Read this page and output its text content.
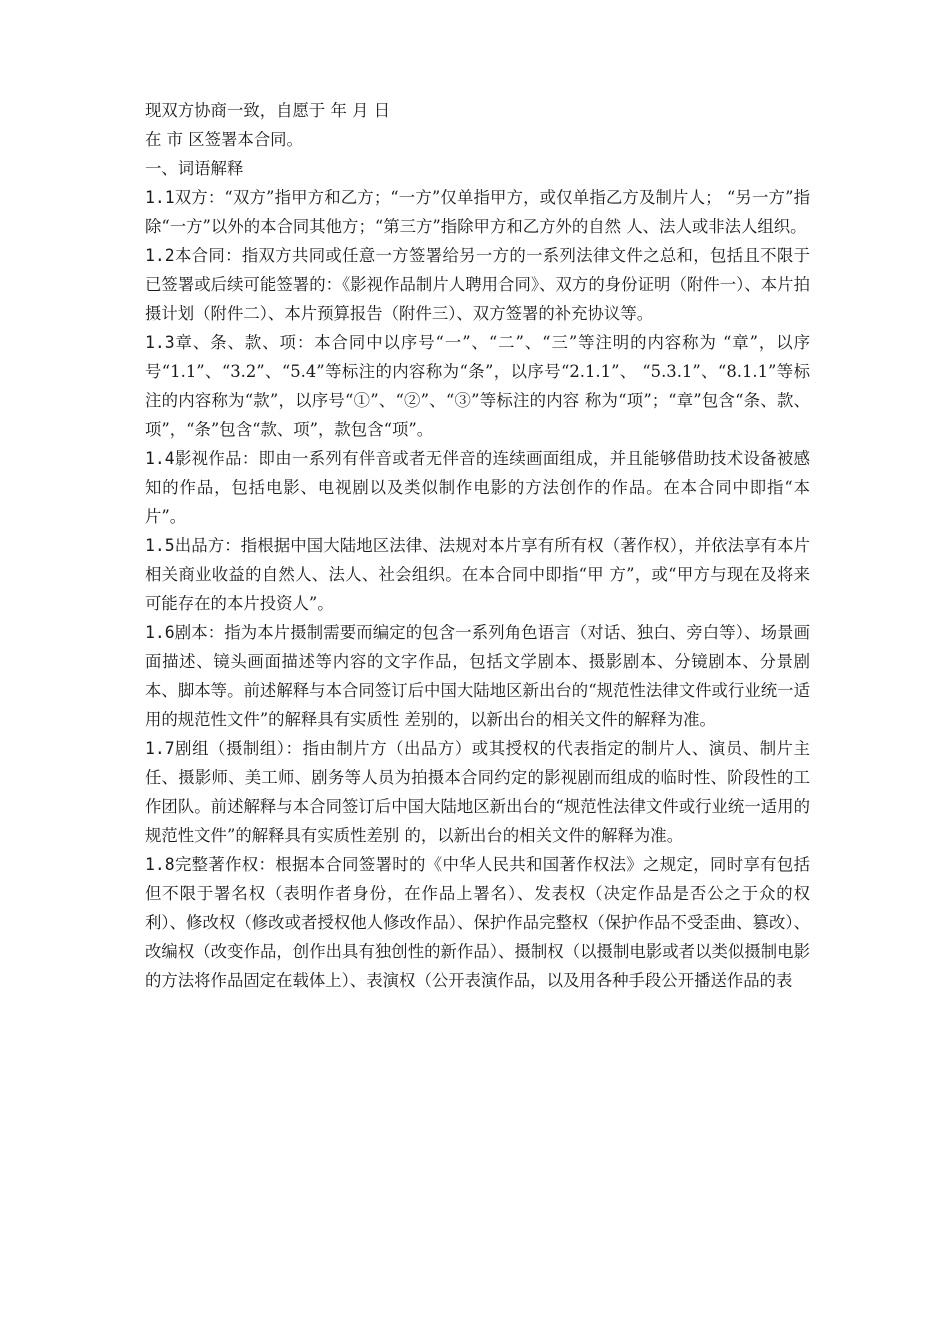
现双方协商一致，自愿于 年 月 日
在 市 区签署本合同。
一、词语解释

1.1双方：“双方”指甲方和乙方；“一方”仅单指甲方，或仅单指乙方及制片人； “另一方”指除“一方”以外的本合同其他方；“第三方”指除甲方和乙方外的自然 人、法人或非法人组织。

1.2本合同：指双方共同或任意一方签署给另一方的一系列法律文件之总和，包括且不限于已签署或后续可能签署的：《影视作品制片人聘用合同》、双方的身份证明（附件一）、本片拍摄计划（附件二）、本片预算报告（附件三）、双方签署的补充协议等。

1.3章、条、款、项：本合同中以序号“一”、“二”、“三”等注明的内容称为 “章”，以序号“1.1”、“3.2”、“5.4”等标注的内容称为“条”，以序号“2.1.1”、 “5.3.1”、“8.1.1”等标注的内容称为“款”，以序号“①”、“②”、“③”等标注的内容 称为“项”；“章”包含“条、款、项”，“条”包含“款、项”，款包含“项”。

1.4影视作品：即由一系列有伴音或者无伴音的连续画面组成，并且能够借助技术设备被感知的作品，包括电影、电视剧以及类似制作电影的方法创作的作品。在本合同中即指“本片”。

1.5出品方：指根据中国大陆地区法律、法规对本片享有所有权（著作权），并依法享有本片相关商业收益的自然人、法人、社会组织。在本合同中即指“甲 方”，或“甲方与现在及将来可能存在的本片投资人”。

1.6剧本：指为本片摄制需要而编定的包含一系列角色语言（对话、独白、旁白等）、场景画面描述、镜头画面描述等内容的文字作品，包括文学剧本、摄影剧本、分镜剧本、分景剧本、脚本等。前述解释与本合同签订后中国大陆地区新出台的“规范性法律文件或行业统一适用的规范性文件”的解释具有实质性 差别的，以新出台的相关文件的解释为准。

1.7剧组（摄制组）：指由制片方（出品方）或其授权的代表指定的制片人、演员、制片主任、摄影师、美工师、剧务等人员为拍摄本合同约定的影视剧而组成的临时性、阶段性的工作团队。前述解释与本合同签订后中国大陆地区新出台的“规范性法律文件或行业统一适用的规范性文件”的解释具有实质性差别 的，以新出台的相关文件的解释为准。

1.8完整著作权：根据本合同签署时的《中华人民共和国著作权法》之规定，同时享有包括但不限于署名权（表明作者身份，在作品上署名）、发表权（决定作品是否公之于众的权利）、修改权（修改或者授权他人修改作品）、保护作品完整权（保护作品不受歪曲、篡改）、改编权（改变作品，创作出具有独创性的新作品）、摄制权（以摄制电影或者以类似摄制电影的方法将作品固定在载体上）、表演权（公开表演作品，以及用各种手段公开播送作品的表
